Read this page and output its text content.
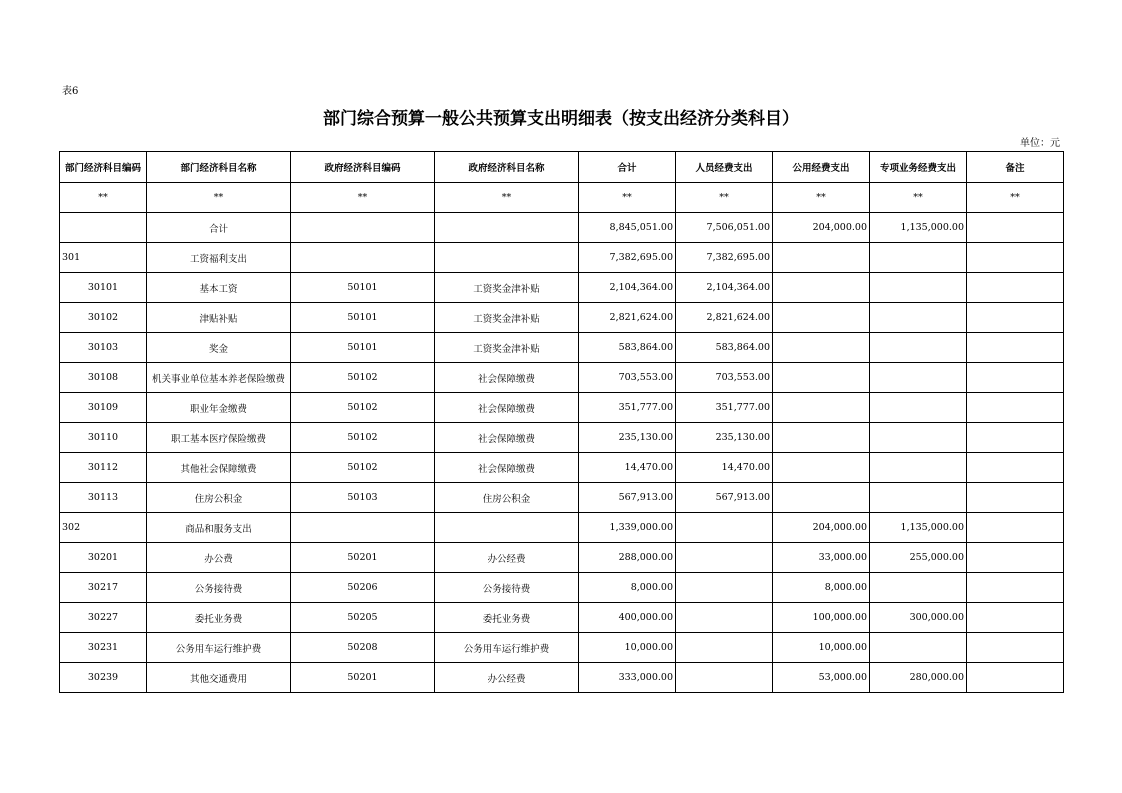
表6
部门综合预算一般公共预算支出明细表（按支出经济分类科目）
单位：元
部门经济科目编码	部门经济科目名称	政府经济科目编码	政府经济科目名称	合计	人员经费支出	公用经费支出	专项业务经费支出	备注
**	**	**	**	**	**	**	**	**
	合计			8,845,051.00	7,506,051.00	204,000.00	1,135,000.00	
301	工资福利支出			7,382,695.00	7,382,695.00			
30101	基本工资	50101	工资奖金津补贴	2,104,364.00	2,104,364.00			
30102	津贴补贴	50101	工资奖金津补贴	2,821,624.00	2,821,624.00			
30103	奖金	50101	工资奖金津补贴	583,864.00	583,864.00			
30108	机关事业单位基本养老保险缴费	50102	社会保障缴费	703,553.00	703,553.00			
30109	职业年金缴费	50102	社会保障缴费	351,777.00	351,777.00			
30110	职工基本医疗保险缴费	50102	社会保障缴费	235,130.00	235,130.00			
30112	其他社会保障缴费	50102	社会保障缴费	14,470.00	14,470.00			
30113	住房公积金	50103	住房公积金	567,913.00	567,913.00			
302	商品和服务支出			1,339,000.00		204,000.00	1,135,000.00	
30201	办公费	50201	办公经费	288,000.00		33,000.00	255,000.00	
30217	公务接待费	50206	公务接待费	8,000.00		8,000.00		
30227	委托业务费	50205	委托业务费	400,000.00		100,000.00	300,000.00	
30231	公务用车运行维护费	50208	公务用车运行维护费	10,000.00		10,000.00		
30239	其他交通费用	50201	办公经费	333,000.00		53,000.00	280,000.00	
